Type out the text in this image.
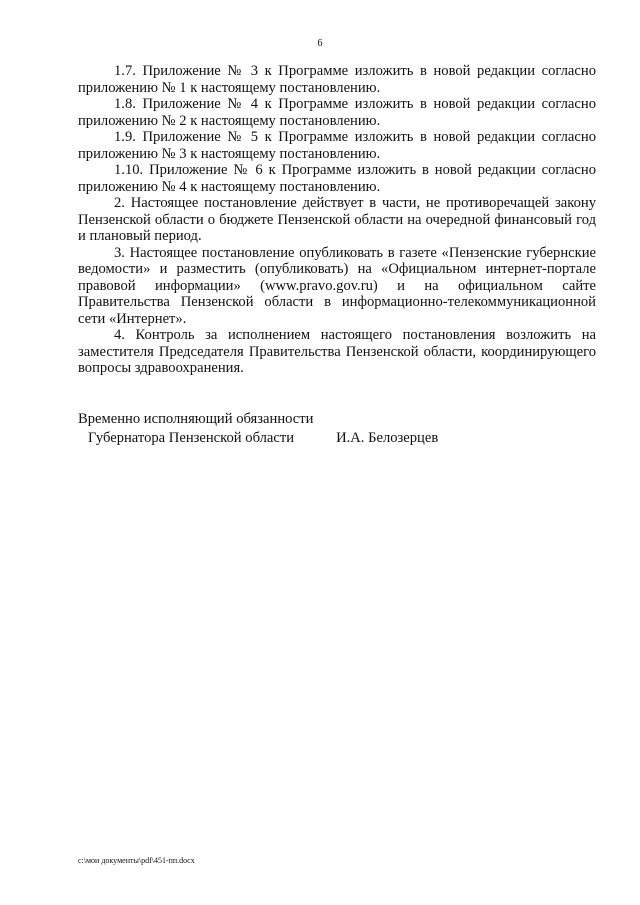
6

1.7. Приложение № 3 к Программе изложить в новой редакции согласно приложению № 1 к настоящему постановлению.

1.8. Приложение № 4 к Программе изложить в новой редакции согласно приложению № 2 к настоящему постановлению.

1.9. Приложение № 5 к Программе изложить в новой редакции согласно приложению № 3 к настоящему постановлению.

1.10. Приложение № 6 к Программе изложить в новой редакции согласно приложению № 4 к настоящему постановлению.

2. Настоящее постановление действует в части, не противоречащей закону Пензенской области о бюджете Пензенской области на очередной финансовый год и плановый период.

3. Настоящее постановление опубликовать в газете «Пензенские губернские ведомости» и разместить (опубликовать) на «Официальном интернет-портале правовой информации» (www.pravo.gov.ru) и на официальном сайте Правительства Пензенской области в информационно-телекоммуникационной сети «Интернет».

4. Контроль за исполнением настоящего постановления возложить на заместителя Председателя Правительства Пензенской области, координирующего вопросы здравоохранения.

Временно исполняющий обязанности
Губернатора Пензенской области	И.А. Белозерцев
c:\мои документы\pdf\451-пп.docx
